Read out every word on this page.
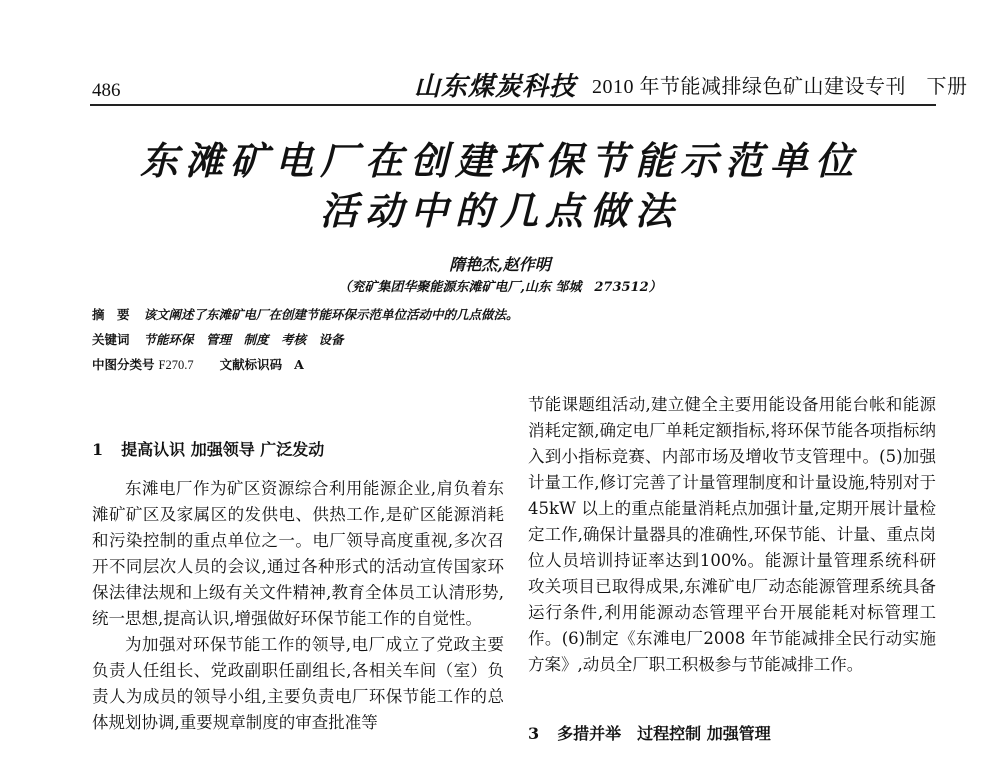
486	山东煤炭科技 2010 年节能减排绿色矿山建设专刊　下册
东滩矿电厂在创建环保节能示范单位
活动中的几点做法
隋艳杰,赵作明
（兖矿集团华聚能源东滩矿电厂,山东 邹城　273512）
摘　要 该文阐述了东滩矿电厂在创建节能环保示范单位活动中的几点做法。
关键词 节能环保　管理　制度　考核　设备
中图分类号 F270.7 文献标识码 A
1 提高认识 加强领导 广泛发动

东滩电厂作为矿区资源综合利用能源企业,肩负着东滩矿矿区及家属区的发供电、供热工作,是矿区能源消耗和污染控制的重点单位之一。电厂领导高度重视,多次召开不同层次人员的会议,通过各种形式的活动宣传国家环保法律法规和上级有关文件精神,教育全体员工认清形势,统一思想,提高认识,增强做好环保节能工作的自觉性。

为加强对环保节能工作的领导,电厂成立了党政主要负责人任组长、党政副职任副组长,各相关车间（室）负责人为成员的领导小组,主要负责电厂环保节能工作的总体规划协调,重要规章制度的审查批准等

节能课题组活动,建立健全主要用能设备用能台帐和能源消耗定额,确定电厂单耗定额指标,将环保节能各项指标纳入到小指标竞赛、内部市场及增收节支管理中。(5)加强计量工作,修订完善了计量管理制度和计量设施,特别对于45kW 以上的重点能量消耗点加强计量,定期开展计量检定工作,确保计量器具的准确性,环保节能、计量、重点岗位人员培训持证率达到100%。能源计量管理系统科研攻关项目已取得成果,东滩矿电厂动态能源管理系统具备运行条件,利用能源动态管理平台开展能耗对标管理工作。(6)制定《东滩电厂2008 年节能减排全民行动实施方案》,动员全厂职工积极参与节能减排工作。

3 多措并举　过程控制 加强管理
